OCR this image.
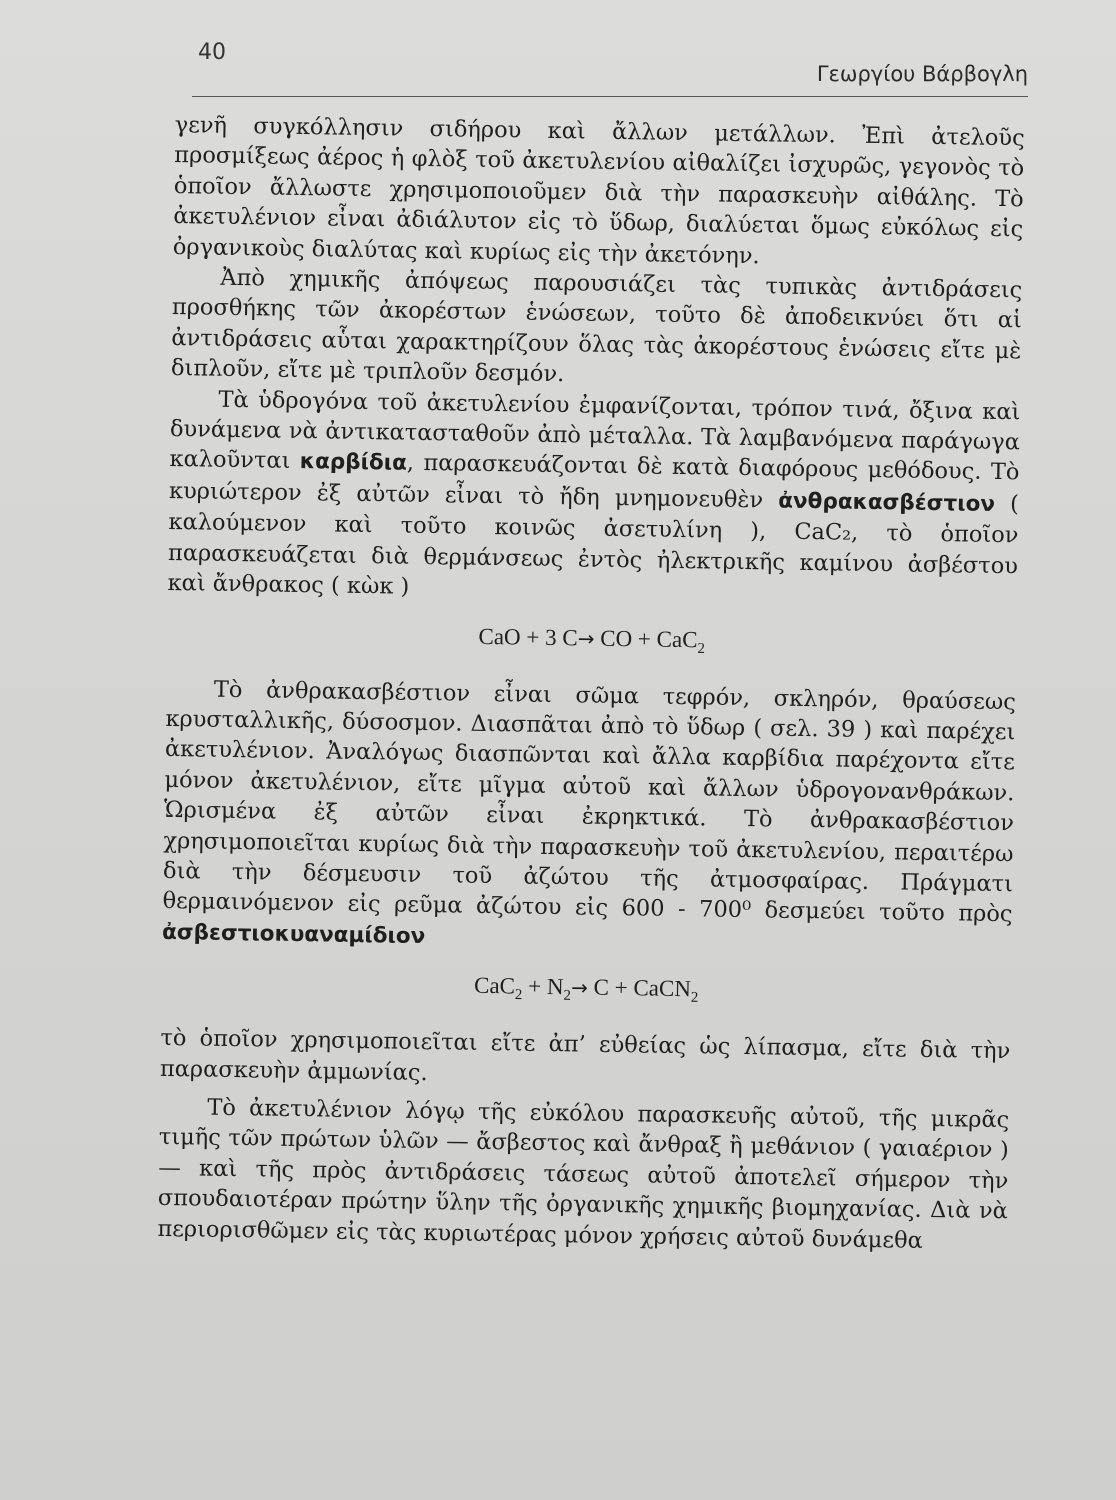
40
Γεωργίου Βάρβογλη

γενῆ συγκόλλησιν σιδήρου καὶ ἄλλων μετάλλων. Ἐπὶ ἀτελοῦς προσμίξεως ἀέρος ἡ φλὸξ τοῦ ἀκετυλενίου αἰθαλίζει ἰσχυρῶς, γεγονὸς τὸ ὁποῖον ἄλλωστε χρησιμοποιοῦμεν διὰ τὴν παρασκευὴν αἰθάλης. Τὸ ἀκετυλένιον εἶναι ἀδιάλυτον εἰς τὸ ὕδωρ, διαλύεται ὅμως εὐκόλως εἰς ὀργανικοὺς διαλύτας καὶ κυρίως εἰς τὴν ἀκετόνην.

Ἀπὸ χημικῆς ἀπόψεως παρουσιάζει τὰς τυπικὰς ἀντιδράσεις προσθήκης τῶν ἀκορέστων ἑνώσεων, τοῦτο δὲ ἀποδεικνύει ὅτι αἱ ἀντιδράσεις αὗται χαρακτηρίζουν ὅλας τὰς ἀκορέστους ἑνώσεις εἴτε μὲ διπλοῦν, εἴτε μὲ τριπλοῦν δεσμόν.

Τὰ ὑδρογόνα τοῦ ἀκετυλενίου ἐμφανίζονται, τρόπον τινά, ὄξινα καὶ δυνάμενα νὰ ἀντικατασταθοῦν ἀπὸ μέταλλα. Τὰ λαμβανόμενα παράγωγα καλοῦνται καρβίδια, παρασκευάζονται δὲ κατὰ διαφόρους μεθόδους. Τὸ κυριώτερον ἐξ αὐτῶν εἶναι τὸ ἤδη μνημονευθὲν ἀνθρακασβέστιον ( καλούμενον καὶ τοῦτο κοινῶς ἀσετυλίνη ), CaC₂, τὸ ὁποῖον παρασκευάζεται διὰ θερμάνσεως ἐντὸς ἠλεκτρικῆς καμίνου ἀσβέστου καὶ ἄνθρακος ( κὼκ )

CaO + 3 C→ CO + CaC$_2$

Τὸ ἀνθρακασβέστιον εἶναι σῶμα τεφρόν, σκληρόν, θραύσεως κρυσταλλικῆς, δύσοσμον. Διασπᾶται ἀπὸ τὸ ὕδωρ ( σελ. 39 ) καὶ παρέχει ἀκετυλένιον. Ἀναλόγως διασπῶνται καὶ ἄλλα καρβίδια παρέχοντα εἴτε μόνον ἀκετυλένιον, εἴτε μῖγμα αὐτοῦ καὶ ἄλλων ὑδρογονανθράκων. Ὡρισμένα ἐξ αὐτῶν εἶναι ἐκρηκτικά. Τὸ ἀνθρακασβέστιον χρησιμοποιεῖται κυρίως διὰ τὴν παρασκευὴν τοῦ ἀκετυλενίου, περαιτέρω διὰ τὴν δέσμευσιν τοῦ ἀζώτου τῆς ἀτμοσφαίρας. Πράγματι θερμαινόμενον εἰς ρεῦμα ἀζώτου εἰς 600 - 700⁰ δεσμεύει τοῦτο πρὸς ἀσβεστιοκυαναμίδιον

$CaC_2 + N_2\to C$ + CaCN$_2$

τὸ ὁποῖον χρησιμοποιεῖται εἴτε ἀπ’ εὐθείας ὡς λίπασμα, εἴτε διὰ τὴν παρασκευὴν ἀμμωνίας.

Τὸ ἀκετυλένιον λόγῳ τῆς εὐκόλου παρασκευῆς αὐτοῦ, τῆς μικρᾶς τιμῆς τῶν πρώτων ὑλῶν — ἄσβεστος καὶ ἄνθραξ ἢ μεθάνιον ( γαιαέριον ) — καὶ τῆς πρὸς ἀντιδράσεις τάσεως αὐτοῦ ἀποτελεῖ σήμερον τὴν σπουδαιοτέραν πρώτην ὕλην τῆς ὀργανικῆς χημικῆς βιομηχανίας. Διὰ νὰ περιορισθῶμεν εἰς τὰς κυριωτέρας μόνον χρήσεις αὐτοῦ δυνάμεθα
